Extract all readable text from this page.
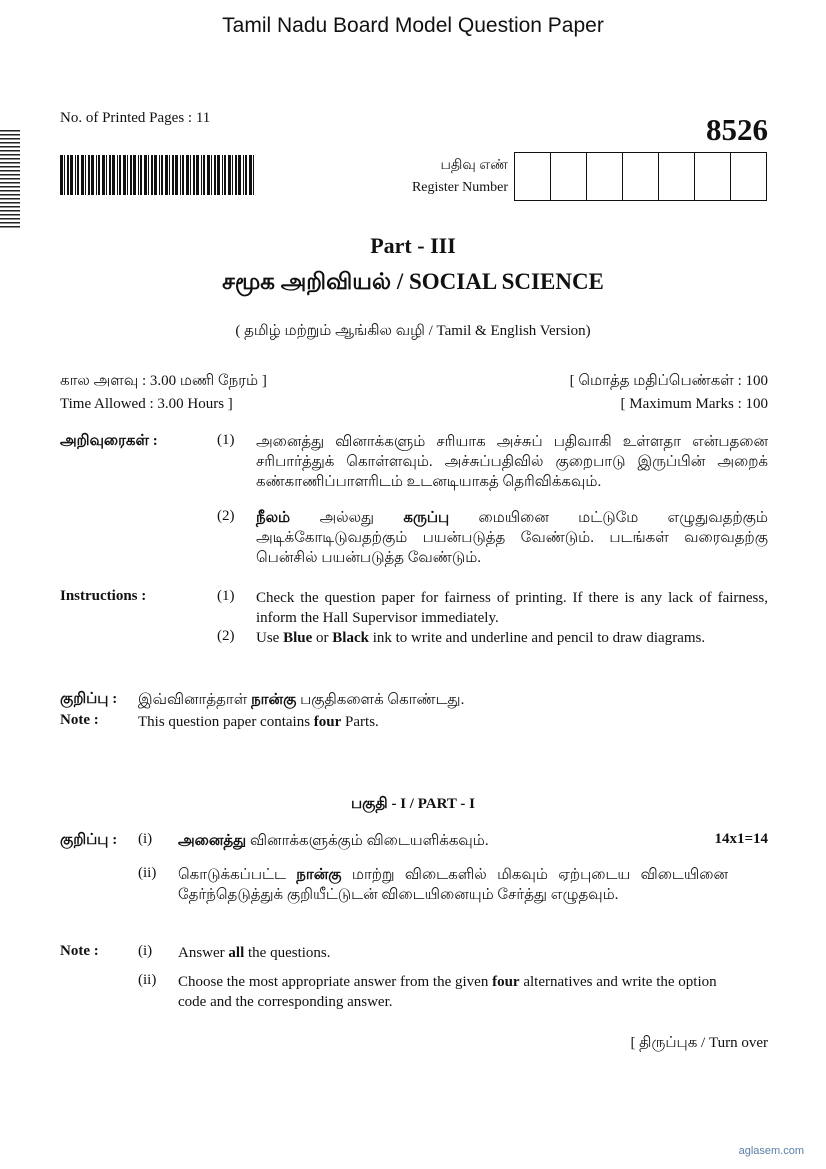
Tamil Nadu Board Model Question Paper
No. of Printed Pages : 11	8526
பதிவு எண்
Register Number
Part - III
சமூக அறிவியல் / SOCIAL SCIENCE
( தமிழ் மற்றும் ஆங்கில வழி / Tamil & English Version)
கால அளவு : 3.00 மணி நேரம் ]
Time Allowed : 3.00 Hours ]
[ மொத்த மதிப்பெண்கள் : 100
[ Maximum Marks : 100
அறிவுரைகள் :	(1) அனைத்து வினாக்களும் சரியாக அச்சுப் பதிவாகி உள்ளதா என்பதனை சரிபார்த்துக் கொள்ளவும். அச்சுப்பதிவில் குறைபாடு இருப்பின் அறைக் கண்காணிப்பாளரிடம் உடனடியாகத் தெரிவிக்கவும்.
(2) நீலம் அல்லது கருப்பு மையினை மட்டுமே எழுதுவதற்கும் அடிக்கோடிடுவதற்கும் பயன்படுத்த வேண்டும். படங்கள் வரைவதற்கு பென்சில் பயன்படுத்த வேண்டும்.
Instructions :	(1) Check the question paper for fairness of printing. If there is any lack of fairness, inform the Hall Supervisor immediately.
(2) Use Blue or Black ink to write and underline and pencil to draw diagrams.
குறிப்பு : இவ்வினாத்தாள் நான்கு பகுதிகளைக் கொண்டது.
Note :	This question paper contains four Parts.
பகுதி - I / PART - I
14x1=14
குறிப்பு : (i) அனைத்து வினாக்களுக்கும் விடையளிக்கவும்.
(ii) கொடுக்கப்பட்ட நான்கு மாற்று விடைகளில் மிகவும் ஏற்புடைய விடையினை தேர்ந்தெடுத்துக் குறியீட்டுடன் விடையினையும் சேர்த்து எழுதவும்.
Note :	(i) Answer all the questions.
(ii) Choose the most appropriate answer from the given four alternatives and write the option code and the corresponding answer.
[ திருப்புக / Turn over
aglasem.com
